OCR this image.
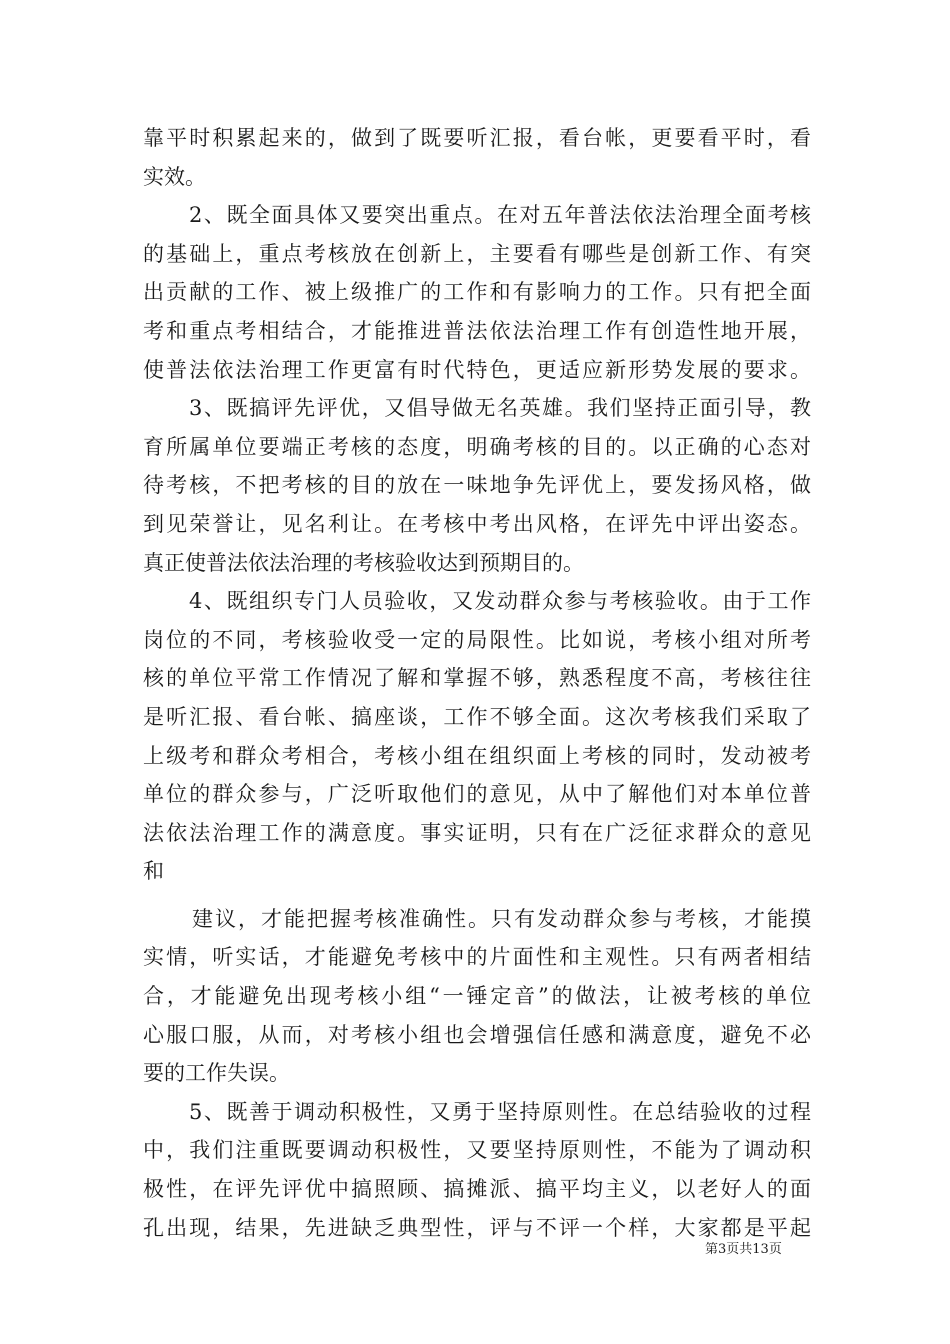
靠平时积累起来的，做到了既要听汇报，看台帐，更要看平时，看
实效。
2、既全面具体又要突出重点。在对五年普法依法治理全面考核
的基础上，重点考核放在创新上，主要看有哪些是创新工作、有突
出贡献的工作、被上级推广的工作和有影响力的工作。只有把全面
考和重点考相结合，才能推进普法依法治理工作有创造性地开展，
使普法依法治理工作更富有时代特色，更适应新形势发展的要求。
3、既搞评先评优，又倡导做无名英雄。我们坚持正面引导，教
育所属单位要端正考核的态度，明确考核的目的。以正确的心态对
待考核，不把考核的目的放在一味地争先评优上，要发扬风格，做
到见荣誉让，见名利让。在考核中考出风格，在评先中评出姿态。
真正使普法依法治理的考核验收达到预期目的。
4、既组织专门人员验收，又发动群众参与考核验收。由于工作
岗位的不同，考核验收受一定的局限性。比如说，考核小组对所考
核的单位平常工作情况了解和掌握不够，熟悉程度不高，考核往往
是听汇报、看台帐、搞座谈，工作不够全面。这次考核我们采取了
上级考和群众考相合，考核小组在组织面上考核的同时，发动被考
单位的群众参与，广泛听取他们的意见，从中了解他们对本单位普
法依法治理工作的满意度。事实证明，只有在广泛征求群众的意见
和
建议，才能把握考核准确性。只有发动群众参与考核，才能摸
实情，听实话，才能避免考核中的片面性和主观性。只有两者相结
合，才能避免出现考核小组“一锤定音”的做法，让被考核的单位
心服口服，从而，对考核小组也会增强信任感和满意度，避免不必
要的工作失误。
5、既善于调动积极性，又勇于坚持原则性。在总结验收的过程
中，我们注重既要调动积极性，又要坚持原则性，不能为了调动积
极性，在评先评优中搞照顾、搞摊派、搞平均主义，以老好人的面
孔出现，结果，先进缺乏典型性，评与不评一个样，大家都是平起
第3页共13页
